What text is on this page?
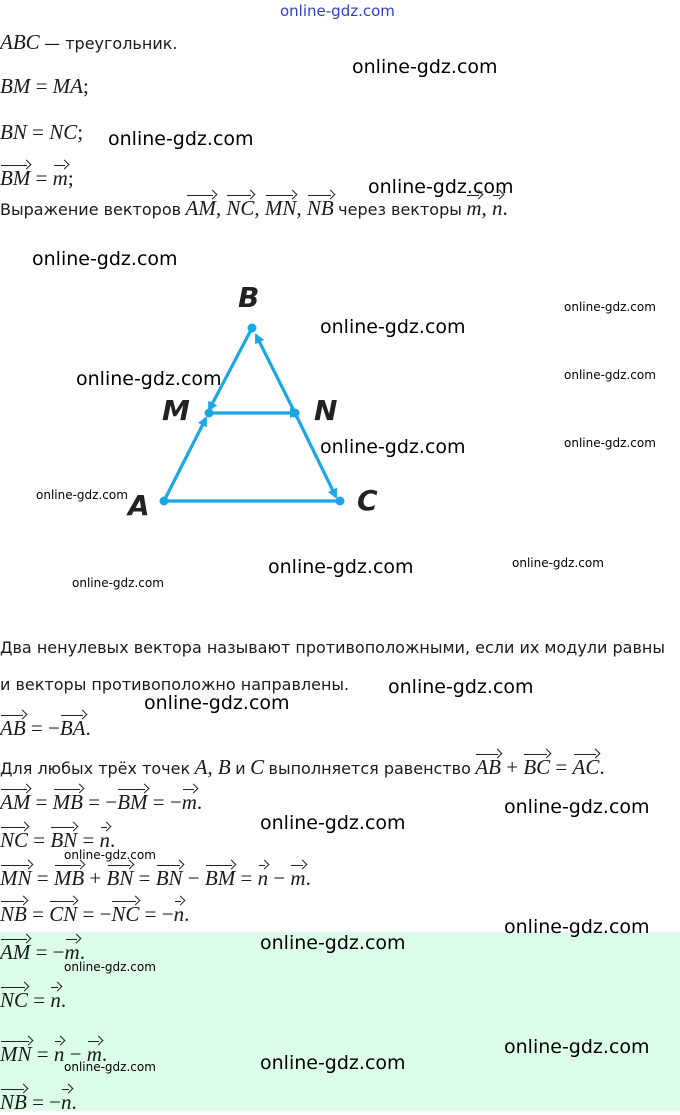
online-gdz.com
ABC — треугольник.
BM = MA;
BN = NC;
BM = m;
Выражение векторов AM, NC, MN, NB через векторы m, n.
B
M	N
A	C
Два ненулевых вектора называют противоположными, если их модули равны
и векторы противоположно направлены.
AB = −BA.
Для любых трёх точек A, B и C выполняется равенство AB + BC = AC.
AM = MB = −BM = −m.
NC = BN = n.
MN = MB + BN = BN − BM = n − m.
NB = CN = −NC = −n.
AM = −m.
NC = n.
MN = n − m.
NB = −n.
online-gdz.com
online-gdz.com
online-gdz.com
online-gdz.com
online-gdz.com
online-gdz.com
online-gdz.com
online-gdz.com
online-gdz.com
online-gdz.com
online-gdz.com
online-gdz.com
online-gdz.com
online-gdz.com
online-gdz.com
online-gdz.com
online-gdz.com
online-gdz.com
online-gdz.com
online-gdz.com
online-gdz.com
online-gdz.com
online-gdz.com
online-gdz.com
online-gdz.com
